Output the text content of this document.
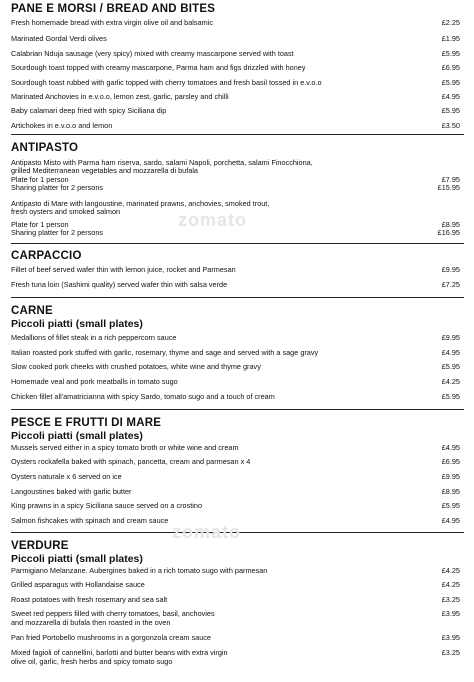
PANE E MORSI / BREAD AND BITES
Fresh homemade bread with extra virgin olive oil and balsamic	£2.25
Marinated Gordal Verdi olives	£1.95
Calabrian Nduja sausage (very spicy) mixed with creamy mascarpone served with toast	£5.95
Sourdough toast topped with creamy mascarpone, Parma ham and figs drizzled with honey	£6.95
Sourdough toast rubbed with garlic topped with cherry tomatoes and fresh basil tossed in e.v.o.o	£5.95
Marinated Anchovies in e.v.o.o, lemon zest, garlic, parsley and chilli	£4.95
Baby calamari deep fried with spicy Siciliana dip	£5.95
Artichokes in e.v.o.o and lemon	£3.50
ANTIPASTO
Antipasto Misto with Parma ham riserva, sardo, salami Napoli, porchetta, salami Finocchiona,
grilled Mediterranean vegetables and mozzarella di bufala
Plate for 1 person	£7.95
Sharing platter for 2 persons	£15.95
Antipasto di Mare with langoustine, marinated prawns, anchovies, smoked trout,
fresh oysters and smoked salmon
Plate for 1 person	£8.95
Sharing platter for 2 persons	£16.95
CARPACCIO
Fillet of beef served wafer thin with lemon juice, rocket and Parmesan	£9.95
Fresh tuna loin (Sashimi quality) served wafer thin with salsa verde	£7.25
CARNE
Piccoli piatti (small plates)
Medallions of fillet steak in a rich peppercorn sauce	£9.95
Italian roasted pork stuffed with garlic, rosemary, thyme and sage and served with a sage gravy	£4.95
Slow cooked pork cheeks with crushed potatoes, white wine and thyme gravy	£5.95
Homemade veal and pork meatballs in tomato sugo	£4.25
Chicken fillet all'amatricianna with spicy Sardo, tomato sugo and a touch of cream	£5.95
PESCE E FRUTTI DI MARE
Piccoli piatti (small plates)
Mussels served either in a spicy tomato broth or white wine and cream	£4.95
Oysters rockafella baked with spinach, pancetta, cream and parmesan x 4	£6.95
Oysters naturale x 6 served on ice	£9.95
Langoustines baked with garlic butter	£8.95
King prawns in a spicy Siciliana sauce served on a crostino	£5.95
Salmon fishcakes with spinach and cream sauce	£4.95
VERDURE
Piccoli piatti (small plates)
Parmigiano Melanzane. Aubergines baked in a rich tomato sugo with parmesan	£4.25
Grilled asparagus with Hollandaise sauce	£4.25
Roast potatoes with fresh rosemary and sea salt	£3.25
Sweet red peppers filled with cherry tomatoes, basil, anchovies	£3.95
and mozzarella di bufala then roasted in the oven
Pan fried Portobello mushrooms in a gorgonzola cream sauce	£3.95
Mixed fagioli of cannellini, barlotti and butter beans with extra virgin	£3.25
olive oil, garlic, fresh herbs and spicy tomato sugo
zomato
zomato
